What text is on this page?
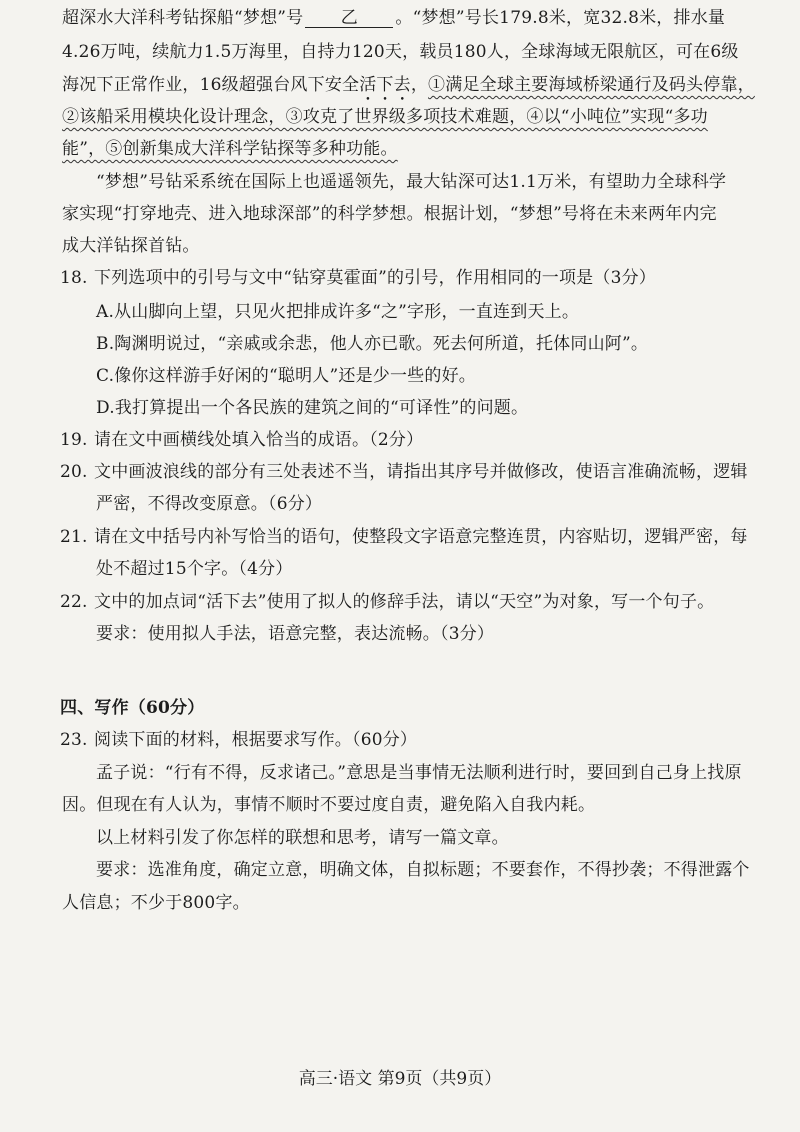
超深水大洋科考钻探船“梦想”号 乙 。“梦想”号长179.8米，宽32.8米，排水量
4.26万吨，续航力1.5万海里，自持力120天，载员180人，全球海域无限航区，可在6级
海况下正常作业，16级超强台风下安全活下去，①满足全球主要海域桥梁通行及码头停靠，
②该船采用模块化设计理念，③攻克了世界级多项技术难题，④以“小吨位”实现“多功
能”，⑤创新集成大洋科学钻探等多种功能。
“梦想”号钻采系统在国际上也遥遥领先，最大钻深可达1.1万米，有望助力全球科学
家实现“打穿地壳、进入地球深部”的科学梦想。根据计划，“梦想”号将在未来两年内完
成大洋钻探首钻。
18. 下列选项中的引号与文中“钻穿莫霍面”的引号，作用相同的一项是（3分）
A.从山脚向上望，只见火把排成许多“之”字形，一直连到天上。
B.陶渊明说过，“亲戚或余悲，他人亦已歌。死去何所道，托体同山阿”。
C.像你这样游手好闲的“聪明人”还是少一些的好。
D.我打算提出一个各民族的建筑之间的“可译性”的问题。
19. 请在文中画横线处填入恰当的成语。（2分）
20. 文中画波浪线的部分有三处表述不当，请指出其序号并做修改，使语言准确流畅，逻辑
严密，不得改变原意。（6分）
21. 请在文中括号内补写恰当的语句，使整段文字语意完整连贯，内容贴切，逻辑严密，每
处不超过15个字。（4分）
22. 文中的加点词“活下去”使用了拟人的修辞手法，请以“天空”为对象，写一个句子。
要求：使用拟人手法，语意完整，表达流畅。（3分）
四、写作（60分）
23. 阅读下面的材料，根据要求写作。（60分）
孟子说：“行有不得，反求诸己。”意思是当事情无法顺利进行时，要回到自己身上找原
因。但现在有人认为，事情不顺时不要过度自责，避免陷入自我内耗。
以上材料引发了你怎样的联想和思考，请写一篇文章。
要求：选准角度，确定立意，明确文体，自拟标题；不要套作，不得抄袭；不得泄露个
人信息；不少于800字。
高三·语文 第9页（共9页）
